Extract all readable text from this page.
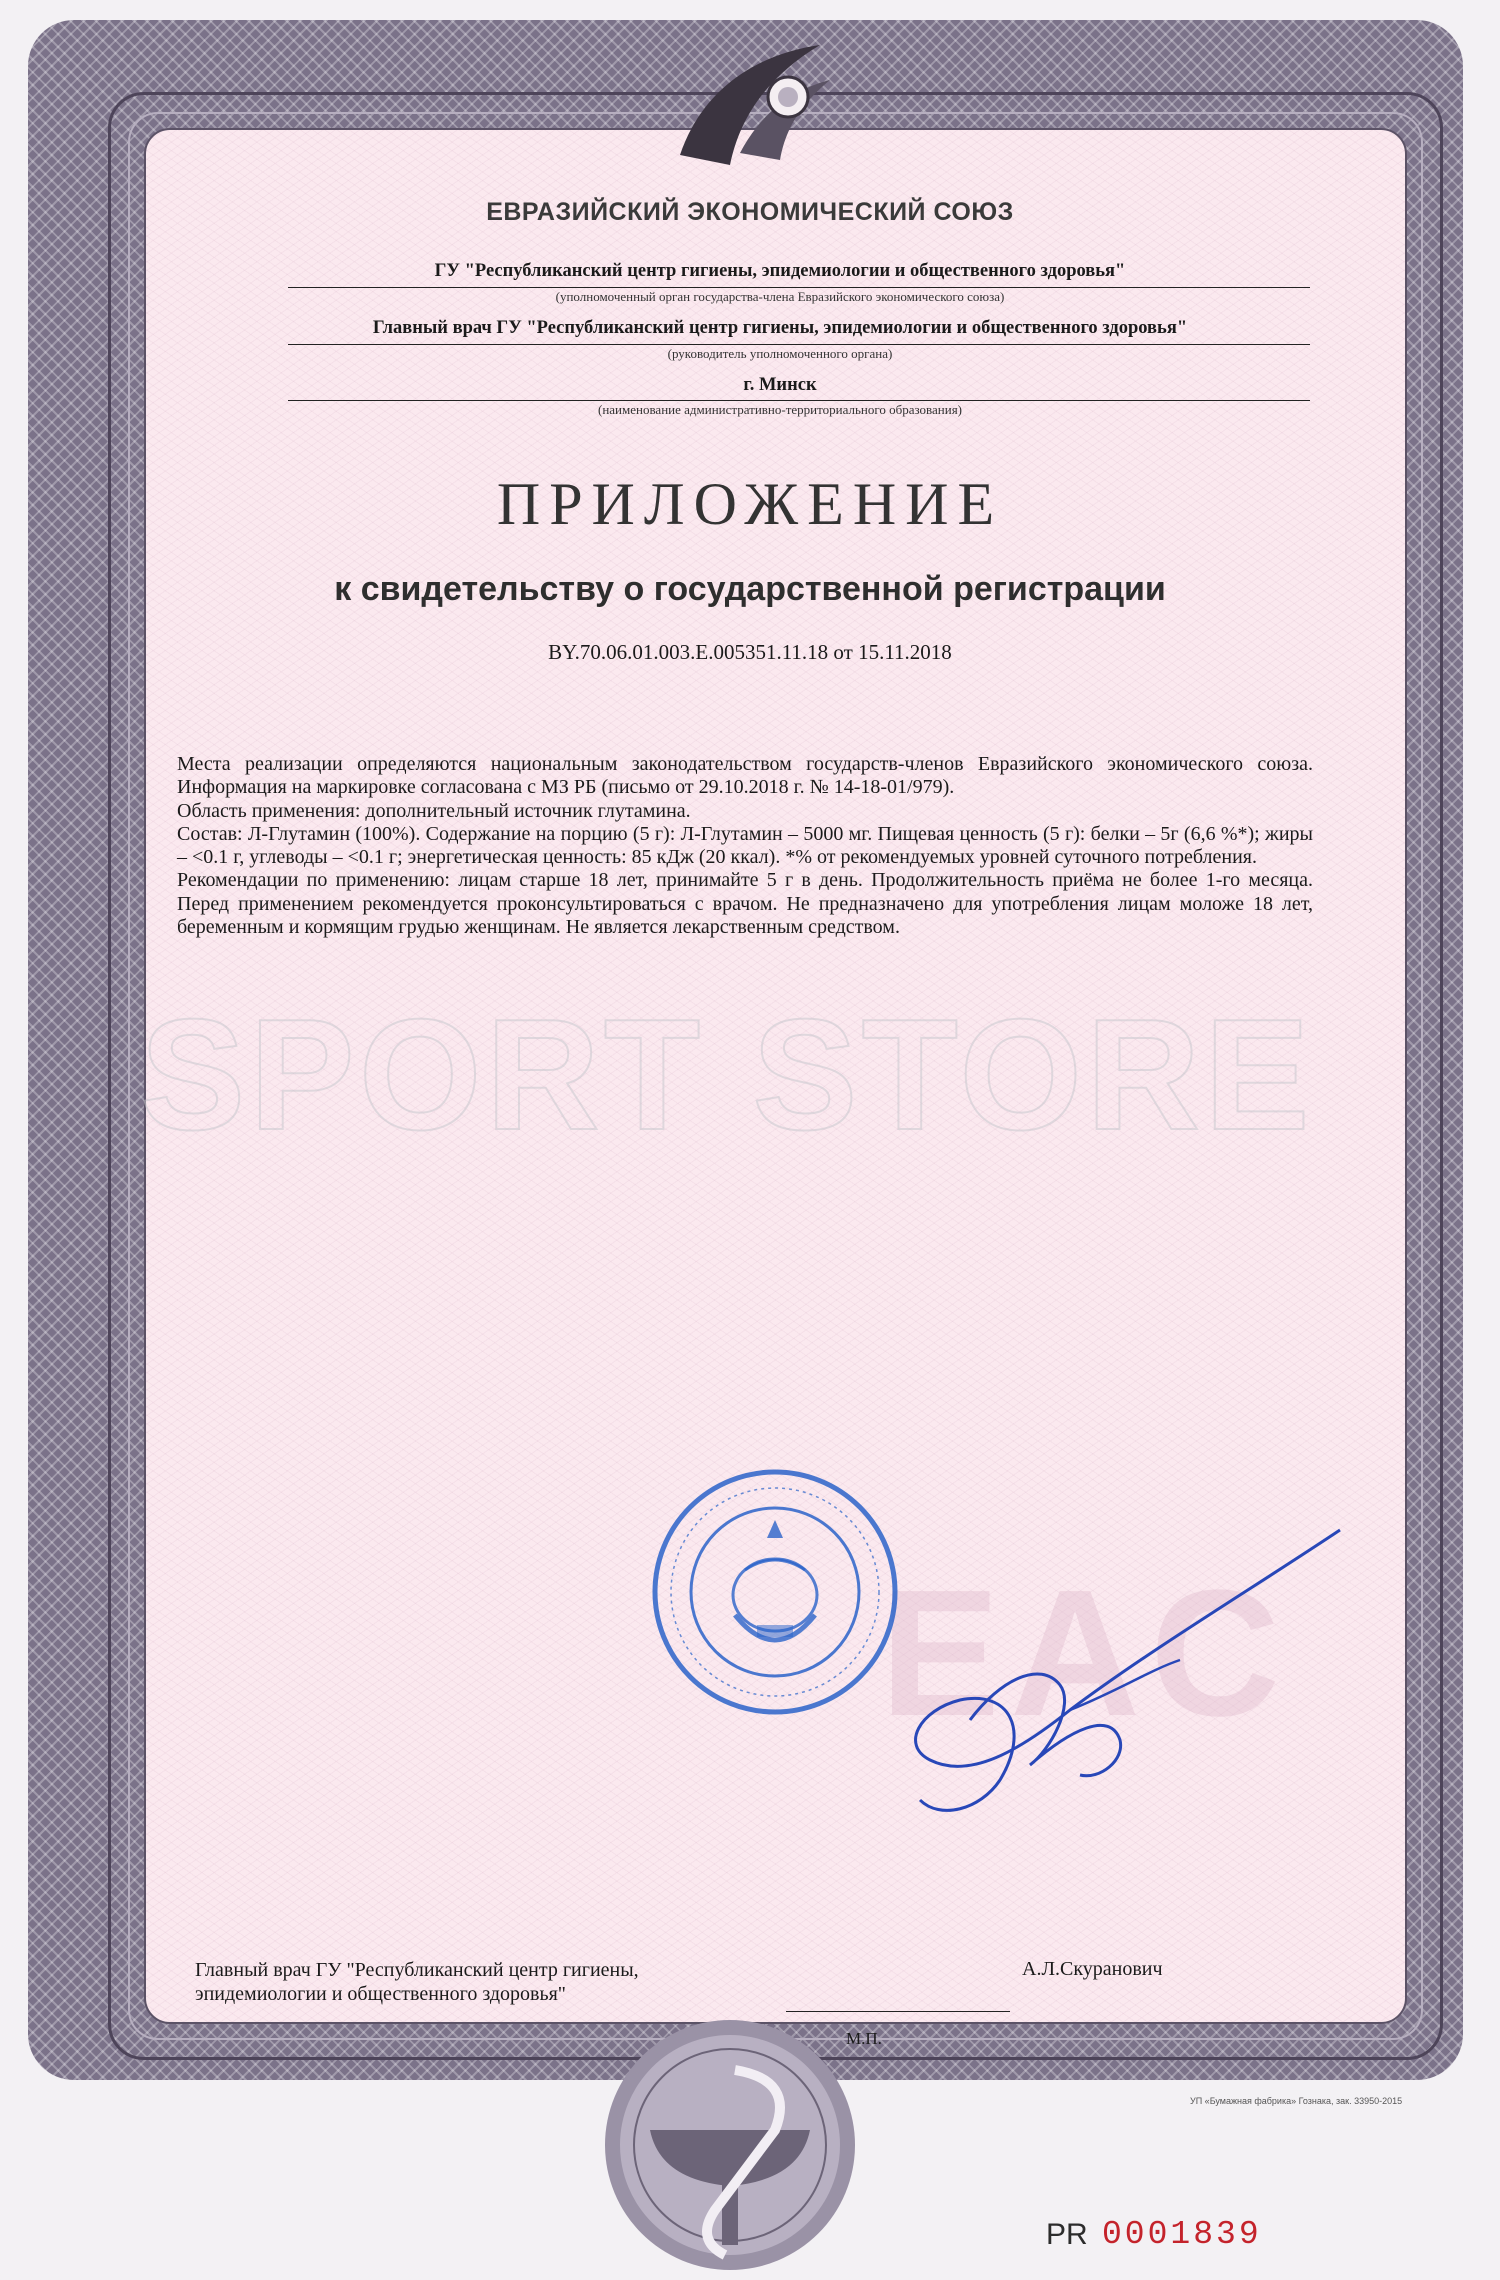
ЕВРАЗИЙСКИЙ ЭКОНОМИЧЕСКИЙ СОЮЗ
ГУ "Республиканский центр гигиены, эпидемиологии и общественного здоровья"
(уполномоченный орган государства-члена Евразийского экономического союза)
Главный врач ГУ "Республиканский центр гигиены, эпидемиологии и общественного здоровья"
(руководитель уполномоченного органа)
г. Минск
(наименование административно-территориального образования)
ПРИЛОЖЕНИЕ
к свидетельству о государственной регистрации
BY.70.06.01.003.E.005351.11.18 от 15.11.2018
SPORT STORE

Места реализации определяются национальным законодательством государств-членов Евразийского экономического союза. Информация на маркировке согласована с МЗ РБ (письмо от 29.10.2018 г. № 14-18-01/979).

Область применения: дополнительный источник глутамина.

Состав: Л-Глутамин (100%). Содержание на порцию (5 г): Л-Глутамин – 5000 мг. Пищевая ценность (5 г): белки – 5г (6,6 %*); жиры – <0.1 г, углеводы – <0.1 г; энергетическая ценность: 85 кДж (20 ккал). *% от рекомендуемых уровней суточного потребления.

Рекомендации по применению: лицам старше 18 лет, принимайте 5 г в день. Продолжительность приёма не более 1-го месяца. Перед применением рекомендуется проконсультироваться с врачом. Не предназначено для употребления лицам моложе 18 лет, беременным и кормящим грудью женщинам. Не является лекарственным средством.

EAC
Главный врач ГУ "Республиканский центр гигиены,
эпидемиологии и общественного здоровья"
А.Л.Скуранович
М.П.
PR 0001839
УП «Бумажная фабрика» Гознака, зак. 33950-2015
